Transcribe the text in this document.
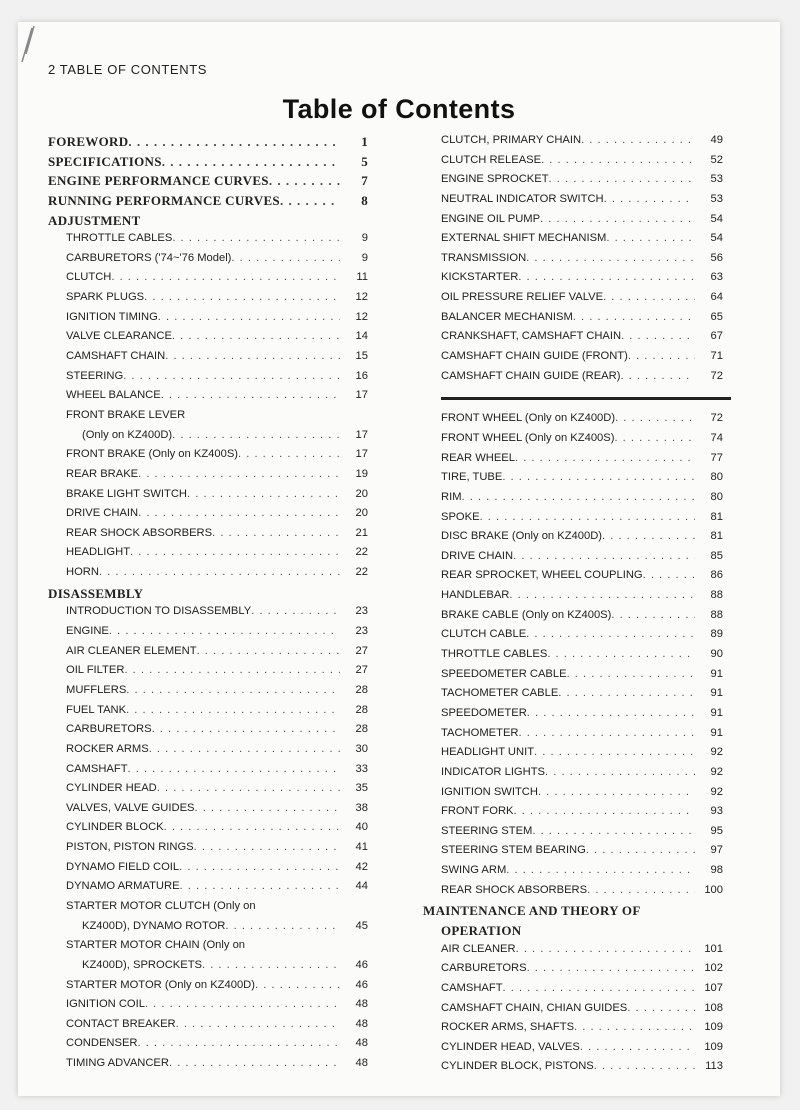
2 TABLE OF CONTENTS
Table of Contents
FOREWORD . . .	1
SPECIFICATIONS . . .	5
ENGINE PERFORMANCE CURVES . . .	7
RUNNING PERFORMANCE CURVES . . .	8
ADJUSTMENT
THROTTLE CABLES . . .	9
CARBURETORS ('74~'76 Model) . . .	9
CLUTCH . . .	11
SPARK PLUGS . . .	12
IGNITION TIMING . . .	12
VALVE CLEARANCE . . .	14
CAMSHAFT CHAIN . . .	15
STEERING . . .	16
WHEEL BALANCE . . .	17
FRONT BRAKE LEVER
(Only on KZ400D) . . .	17
FRONT BRAKE (Only on KZ400S) . . .	17
REAR BRAKE . . .	19
BRAKE LIGHT SWITCH . . .	20
DRIVE CHAIN . . .	20
REAR SHOCK ABSORBERS . . .	21
HEADLIGHT . . .	22
HORN . . .	22
DISASSEMBLY
INTRODUCTION TO DISASSEMBLY . . .	23
ENGINE . . .	23
AIR CLEANER ELEMENT . . .	27
OIL FILTER . . .	27
MUFFLERS . . .	28
FUEL TANK . . .	28
CARBURETORS . . .	28
ROCKER ARMS . . .	30
CAMSHAFT . . .	33
CYLINDER HEAD . . .	35
VALVES, VALVE GUIDES . . .	38
CYLINDER BLOCK . . .	40
PISTON, PISTON RINGS . . .	41
DYNAMO FIELD COIL . . .	42
DYNAMO ARMATURE . . .	44
STARTER MOTOR CLUTCH (Only on
KZ400D), DYNAMO ROTOR . . .	45
STARTER MOTOR CHAIN (Only on
KZ400D), SPROCKETS . . .	46
STARTER MOTOR (Only on KZ400D) . . .	46
IGNITION COIL . . .	48
CONTACT BREAKER . . .	48
CONDENSER . . .	48
TIMING ADVANCER . . .	48
CLUTCH, PRIMARY CHAIN . . .	49
CLUTCH RELEASE . . .	52
ENGINE SPROCKET . . .	53
NEUTRAL INDICATOR SWITCH . . .	53
ENGINE OIL PUMP . . .	54
EXTERNAL SHIFT MECHANISM . . .	54
TRANSMISSION . . .	56
KICKSTARTER . . .	63
OIL PRESSURE RELIEF VALVE . . .	64
BALANCER MECHANISM . . .	65
CRANKSHAFT, CAMSHAFT CHAIN . . .	67
CAMSHAFT CHAIN GUIDE (FRONT) . . .	71
CAMSHAFT CHAIN GUIDE (REAR) . . .	72
FRONT WHEEL (Only on KZ400D) . . .	72
FRONT WHEEL (Only on KZ400S) . . .	74
REAR WHEEL . . .	77
TIRE, TUBE . . .	80
RIM . . .	80
SPOKE . . .	81
DISC BRAKE (Only on KZ400D) . . .	81
DRIVE CHAIN . . .	85
REAR SPROCKET, WHEEL COUPLING . . .	86
HANDLEBAR . . .	88
BRAKE CABLE (Only on KZ400S) . . .	88
CLUTCH CABLE . . .	89
THROTTLE CABLES . . .	90
SPEEDOMETER CABLE . . .	91
TACHOMETER CABLE . . .	91
SPEEDOMETER . . .	91
TACHOMETER . . .	91
HEADLIGHT UNIT . . .	92
INDICATOR LIGHTS . . .	92
IGNITION SWITCH . . .	92
FRONT FORK . . .	93
STEERING STEM . . .	95
STEERING STEM BEARING . . .	97
SWING ARM . . .	98
REAR SHOCK ABSORBERS . . .	100
MAINTENANCE AND THEORY OF
OPERATION
AIR CLEANER . . .	101
CARBURETORS . . .	102
CAMSHAFT . . .	107
CAMSHAFT CHAIN, CHIAN GUIDES . . .	108
ROCKER ARMS, SHAFTS . . .	109
CYLINDER HEAD, VALVES . . .	109
CYLINDER BLOCK, PISTONS . . .	113
